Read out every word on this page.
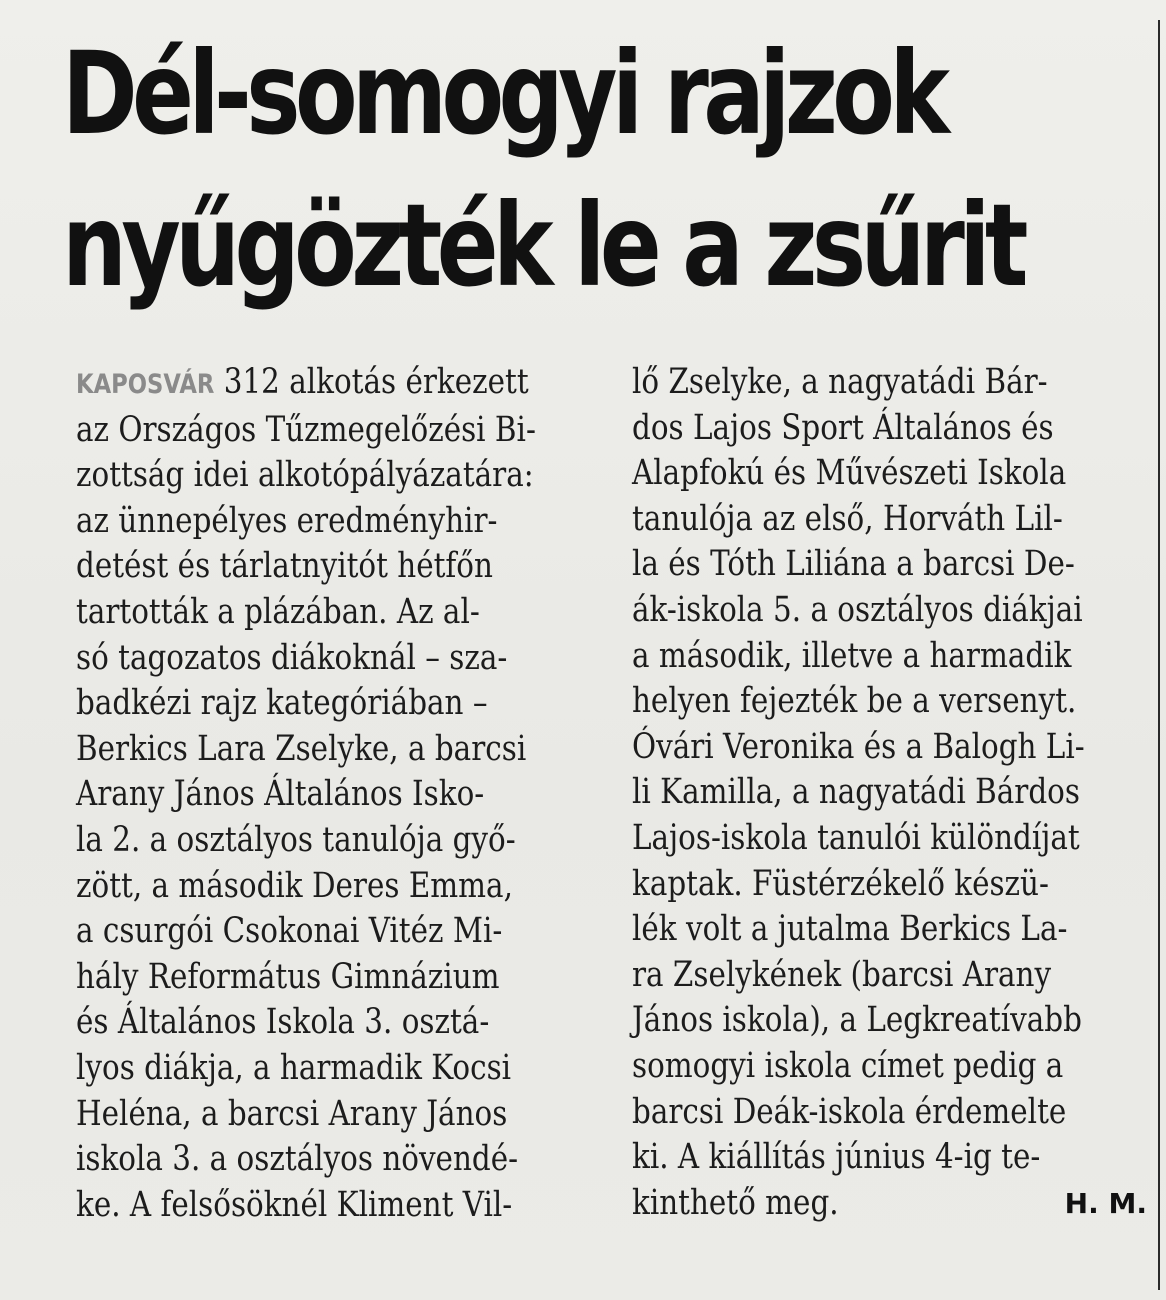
Dél-somogyi rajzok
nyűgözték le a zsűrit
KAPOSVÁR 312 alkotás érkezett
az Országos Tűzmegelőzési Bi-
zottság idei alkotópályázatára:
az ünnepélyes eredményhir-
detést és tárlatnyitót hétfőn
tartották a plázában. Az al-
só tagozatos diákoknál – sza-
badkézi rajz kategóriában –
Berkics Lara Zselyke, a barcsi
Arany János Általános Isko-
la 2. a osztályos tanulója győ-
zött, a második Deres Emma,
a csurgói Csokonai Vitéz Mi-
hály Református Gimnázium
és Általános Iskola 3. osztá-
lyos diákja, a harmadik Kocsi
Heléna, a barcsi Arany János
iskola 3. a osztályos növendé-
ke. A felsősöknél Kliment Vil-
lő Zselyke, a nagyatádi Bár-
dos Lajos Sport Általános és
Alapfokú és Művészeti Iskola
tanulója az első, Horváth Lil-
la és Tóth Liliána a barcsi De-
ák-iskola 5. a osztályos diákjai
a második, illetve a harmadik
helyen fejezték be a versenyt.
Óvári Veronika és a Balogh Li-
li Kamilla, a nagyatádi Bárdos
Lajos-iskola tanulói különdíjat
kaptak. Füstérzékelő készü-
lék volt a jutalma Berkics La-
ra Zselykének (barcsi Arany
János iskola), a Legkreatívabb
somogyi iskola címet pedig a
barcsi Deák-iskola érdemelte
ki. A kiállítás június 4-ig te-
kinthető meg.	H. M.
